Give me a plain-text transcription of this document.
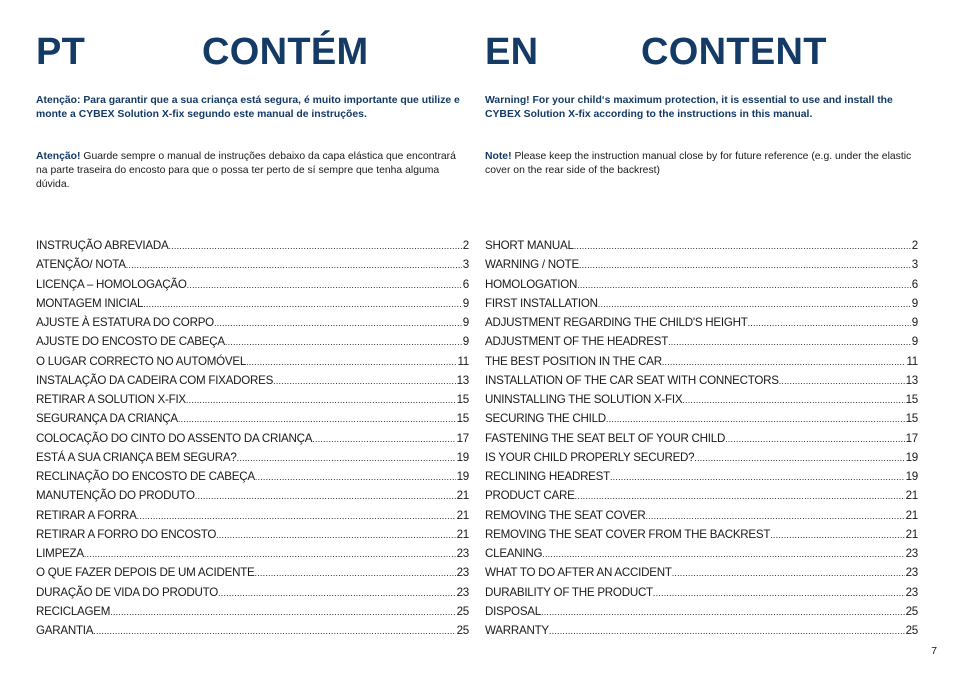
PT	CONTÉM
Atenção: Para garantir que a sua criança está segura, é muito importante que utilize e monte a CYBEX Solution X-fix segundo este manual de instruções.
Atenção! Guarde sempre o manual de instruções debaixo da capa elástica que encontrará na parte traseira do encosto para que o possa ter perto de sí sempre que tenha alguma dúvida.
INSTRUÇÃO ABREVIADA .....	2
ATENÇÃO/ NOTA .....	3
LICENÇA – HOMOLOGAÇÃO .....	6
MONTAGEM INICIAL .....	9
AJUSTE À ESTATURA DO CORPO .....	9
AJUSTE DO ENCOSTO DE CABEÇA .....	9
O LUGAR CORRECTO NO AUTOMÓVEL .....	11
INSTALAÇÃO DA CADEIRA COM FIXADORES .....	13
RETIRAR A SOLUTION X-FIX .....	15
SEGURANÇA DA CRIANÇA .....	15
COLOCAÇÃO DO CINTO DO ASSENTO DA CRIANÇA .....	17
ESTÁ A SUA CRIANÇA BEM SEGURA? .....	19
RECLINAÇÃO DO ENCOSTO DE CABEÇA .....	19
MANUTENÇÃO DO PRODUTO .....	21
RETIRAR A FORRA .....	21
RETIRAR A FORRO DO ENCOSTO .....	21
LIMPEZA .....	23
O QUE FAZER DEPOIS DE UM ACIDENTE .....	23
DURAÇÃO DE VIDA DO PRODUTO .....	23
RECICLAGEM .....	25
GARANTIA .....	25
EN	CONTENT
Warning! For your child‘s maximum protection, it is essential to use and install the CYBEX Solution X-fix according to the instructions in this manual.
Note! Please keep the instruction manual close by for future reference (e.g. under the elastic cover on the rear side of the backrest)
SHORT MANUAL .....	2
WARNING / NOTE .....	3
HOMOLOGATION .....	6
FIRST INSTALLATION .....	9
ADJUSTMENT REGARDING THE CHILD'S HEIGHT .....	9
ADJUSTMENT OF THE HEADREST .....	9
THE BEST POSITION IN THE CAR .....	11
INSTALLATION OF THE CAR SEAT WITH CONNECTORS .....	13
UNINSTALLING THE SOLUTION X-FIX .....	15
SECURING THE CHILD .....	15
FASTENING THE SEAT BELT OF YOUR CHILD .....	17
IS YOUR CHILD PROPERLY SECURED? .....	19
RECLINING HEADREST .....	19
PRODUCT CARE .....	21
REMOVING THE SEAT COVER .....	21
REMOVING THE SEAT COVER FROM THE BACKREST .....	21
CLEANING .....	23
WHAT TO DO AFTER AN ACCIDENT .....	23
DURABILITY OF THE PRODUCT .....	23
DISPOSAL .....	25
WARRANTY .....	25
7
